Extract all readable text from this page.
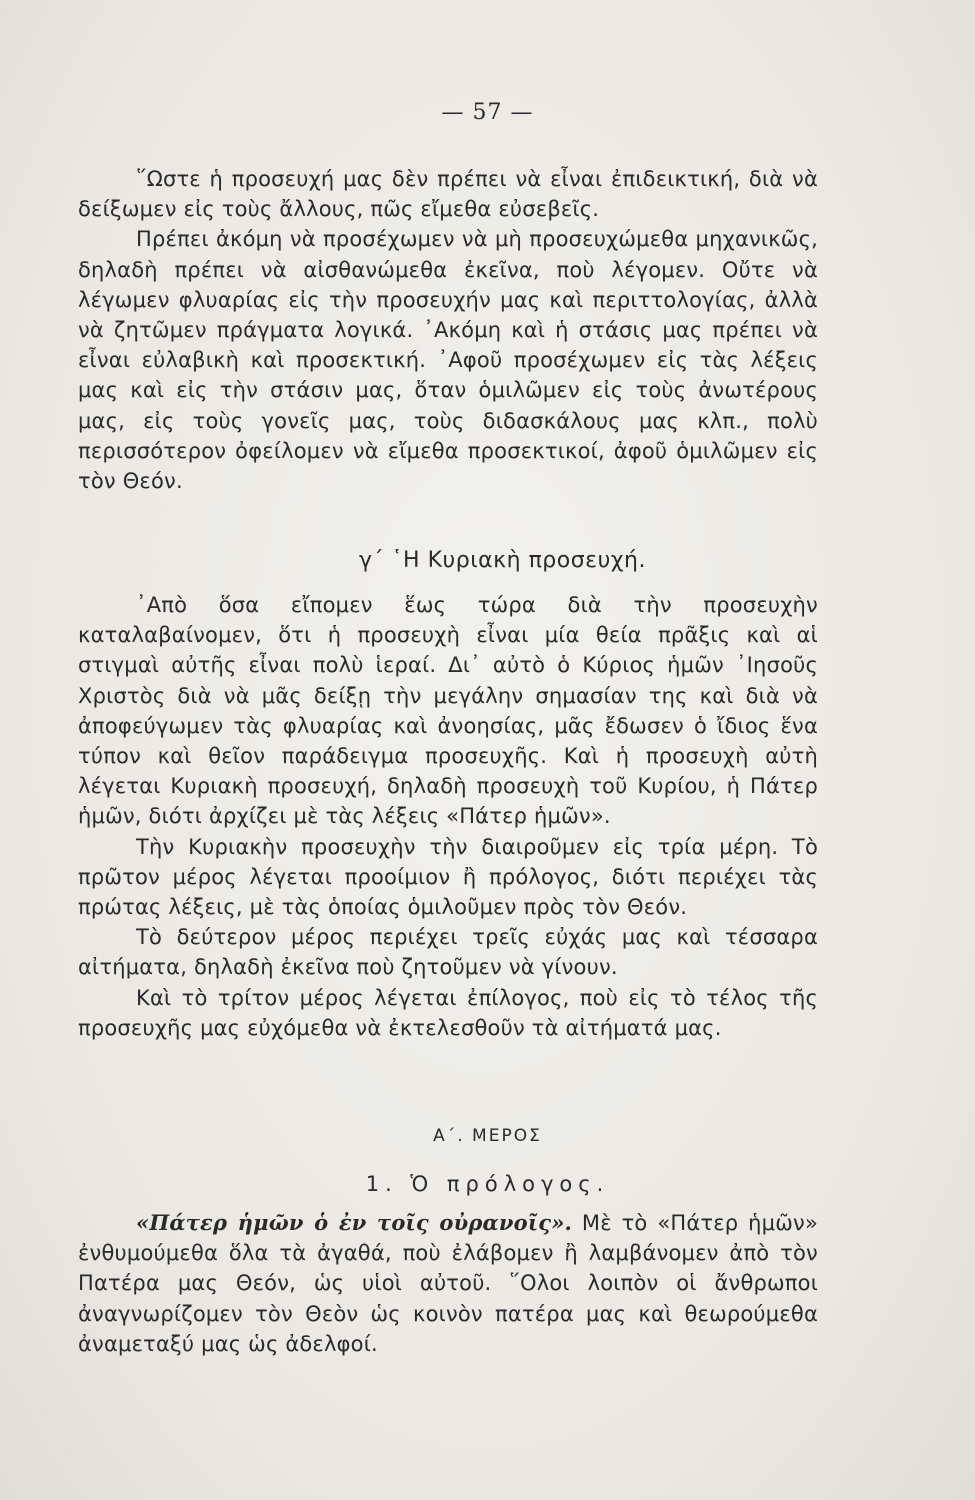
— 57 —

῞Ωστε ἡ προσευχή μας δὲν πρέπει νὰ εἶναι ἐπιδεικτική, διὰ νὰ δείξωμεν εἰς τοὺς ἄλλους, πῶς εἴμεθα εὐσεβεῖς.

Πρέπει ἀκόμη νὰ προσέχωμεν νὰ μὴ προσευχώμεθα μηχανικῶς, δηλαδὴ πρέπει νὰ αἰσθανώμεθα ἐκεῖνα, ποὺ λέγομεν. Οὔτε νὰ λέγωμεν φλυαρίας εἰς τὴν προσευχήν μας καὶ περιττολογίας, ἀλλὰ νὰ ζητῶμεν πράγματα λογικά. ᾿Ακόμη καὶ ἡ στάσις μας πρέπει νὰ εἶναι εὐλαβικὴ καὶ προσεκτική. ᾿Αφοῦ προσέχωμεν εἰς τὰς λέξεις μας καὶ εἰς τὴν στάσιν μας, ὅταν ὁμιλῶμεν εἰς τοὺς ἀνωτέρους μας, εἰς τοὺς γονεῖς μας, τοὺς διδασκάλους μας κλπ., πολὺ περισσότερον ὀφείλομεν νὰ εἴμεθα προσεκτικοί, ἀφοῦ ὁμιλῶμεν εἰς τὸν Θεόν.

γ΄ ῾Η Κυριακὴ προσευχή.

᾿Απὸ ὅσα εἴπομεν ἕως τώρα διὰ τὴν προσευχὴν καταλαβαίνομεν, ὅτι ἡ προσευχὴ εἶναι μία θεία πρᾶξις καὶ αἱ στιγμαὶ αὐτῆς εἶναι πολὺ ἱεραί. Δι᾿ αὐτὸ ὁ Κύριος ἡμῶν ᾿Ιησοῦς Χριστὸς διὰ νὰ μᾶς δείξῃ τὴν μεγάλην σημασίαν της καὶ διὰ νὰ ἀποφεύγωμεν τὰς φλυαρίας καὶ ἀνοησίας, μᾶς ἔδωσεν ὁ ἴδιος ἕνα τύπον καὶ θεῖον παράδειγμα προσευχῆς. Καὶ ἡ προσευχὴ αὐτὴ λέγεται Κυριακὴ προσευχή, δηλαδὴ προσευχὴ τοῦ Κυρίου, ἡ Πάτερ ἡμῶν, διότι ἀρχίζει μὲ τὰς λέξεις «Πάτερ ἡμῶν».

Τὴν Κυριακὴν προσευχὴν τὴν διαιροῦμεν εἰς τρία μέρη. Τὸ πρῶτον μέρος λέγεται προοίμιον ἢ πρόλογος, διότι περιέχει τὰς πρώτας λέξεις, μὲ τὰς ὁποίας ὁμιλοῦμεν πρὸς τὸν Θεόν.

Τὸ δεύτερον μέρος περιέχει τρεῖς εὐχάς μας καὶ τέσσαρα αἰτήματα, δηλαδὴ ἐκεῖνα ποὺ ζητοῦμεν νὰ γίνουν.

Καὶ τὸ τρίτον μέρος λέγεται ἐπίλογος, ποὺ εἰς τὸ τέλος τῆς προσευχῆς μας εὐχόμεθα νὰ ἐκτελεσθοῦν τὰ αἰτήματά μας.

Α΄. ΜΕΡΟΣ
1. Ὁ πρόλογος.

«Πάτερ ἡμῶν ὁ ἐν τοῖς οὐρανοῖς». Μὲ τὸ «Πάτερ ἡμῶν» ἐνθυμούμεθα ὅλα τὰ ἀγαθά, ποὺ ἐλάβομεν ἢ λαμβάνομεν ἀπὸ τὸν Πατέρα μας Θεόν, ὡς υἱοὶ αὐτοῦ. ῞Ολοι λοιπὸν οἱ ἄνθρωποι ἀναγνωρίζομεν τὸν Θεὸν ὡς κοινὸν πατέρα μας καὶ θεωρούμεθα ἀναμεταξύ μας ὡς ἀδελφοί.
